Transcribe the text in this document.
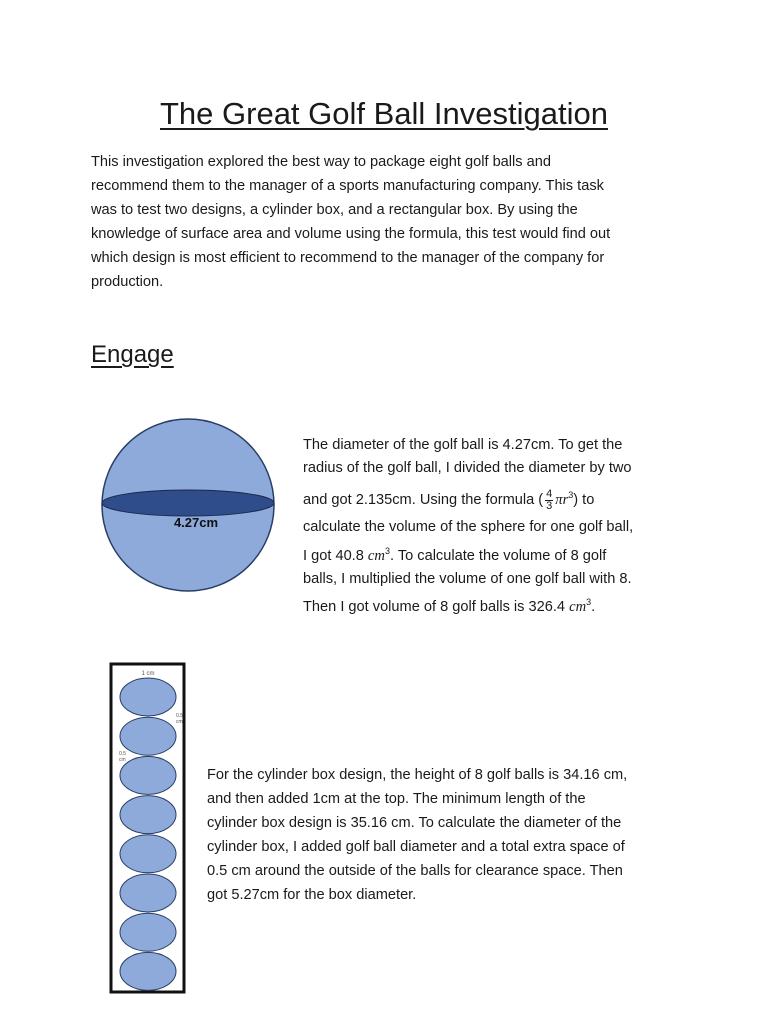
The Great Golf Ball Investigation
This investigation explored the best way to package eight golf balls and
recommend them to the manager of a sports manufacturing company. This task
was to test two designs, a cylinder box, and a rectangular box. By using the
knowledge of surface area and volume using the formula, this test would find out
which design is most efficient to recommend to the manager of the company for
production.
Engage
4.27cm
The diameter of the golf ball is 4.27cm. To get the
radius of the golf ball, I divided the diameter by two
and got 2.135cm. Using the formula ( $\frac{4}{3} \pi r^3$) to
calculate the volume of the sphere for one golf ball,
I got 40.8 $cm^3$. To calculate the volume of 8 golf
balls, I multiplied the volume of one golf ball with 8.
Then I got volume of 8 golf balls is 326.4 $cm^3$.
1 cm
0.5
cm
0.5
cm
For the cylinder box design, the height of 8 golf balls is 34.16 cm,
and then added 1cm at the top. The minimum length of the
cylinder box design is 35.16 cm. To calculate the diameter of the
cylinder box, I added golf ball diameter and a total extra space of
0.5 cm around the outside of the balls for clearance space. Then
got 5.27cm for the box diameter.
